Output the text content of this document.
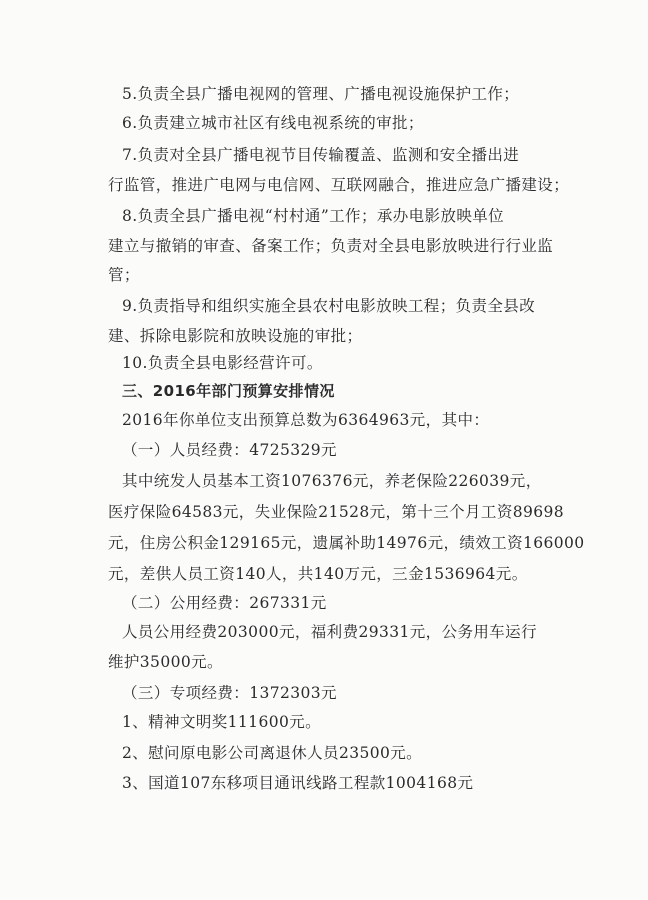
5.负责全县广播电视网的管理、广播电视设施保护工作；
6.负责建立城市社区有线电视系统的审批；
7.负责对全县广播电视节目传输覆盖、监测和安全播出进
行监管，推进广电网与电信网、互联网融合，推进应急广播建设；
8.负责全县广播电视“村村通”工作；承办电影放映单位
建立与撤销的审查、备案工作；负责对全县电影放映进行行业监
管；
9.负责指导和组织实施全县农村电影放映工程；负责全县改
建、拆除电影院和放映设施的审批；
10.负责全县电影经营许可。
三、2016年部门预算安排情况
2016年你单位支出预算总数为6364963元，其中：
（一）人员经费：4725329元
其中统发人员基本工资1076376元，养老保险226039元，
医疗保险64583元，失业保险21528元，第十三个月工资89698
元，住房公积金129165元，遗属补助14976元，绩效工资166000
元，差供人员工资140人，共140万元，三金1536964元。
（二）公用经费：267331元
人员公用经费203000元，福利费29331元，公务用车运行
维护35000元。
（三）专项经费：1372303元
1、精神文明奖111600元。
2、慰问原电影公司离退休人员23500元。
3、国道107东移项目通讯线路工程款1004168元
